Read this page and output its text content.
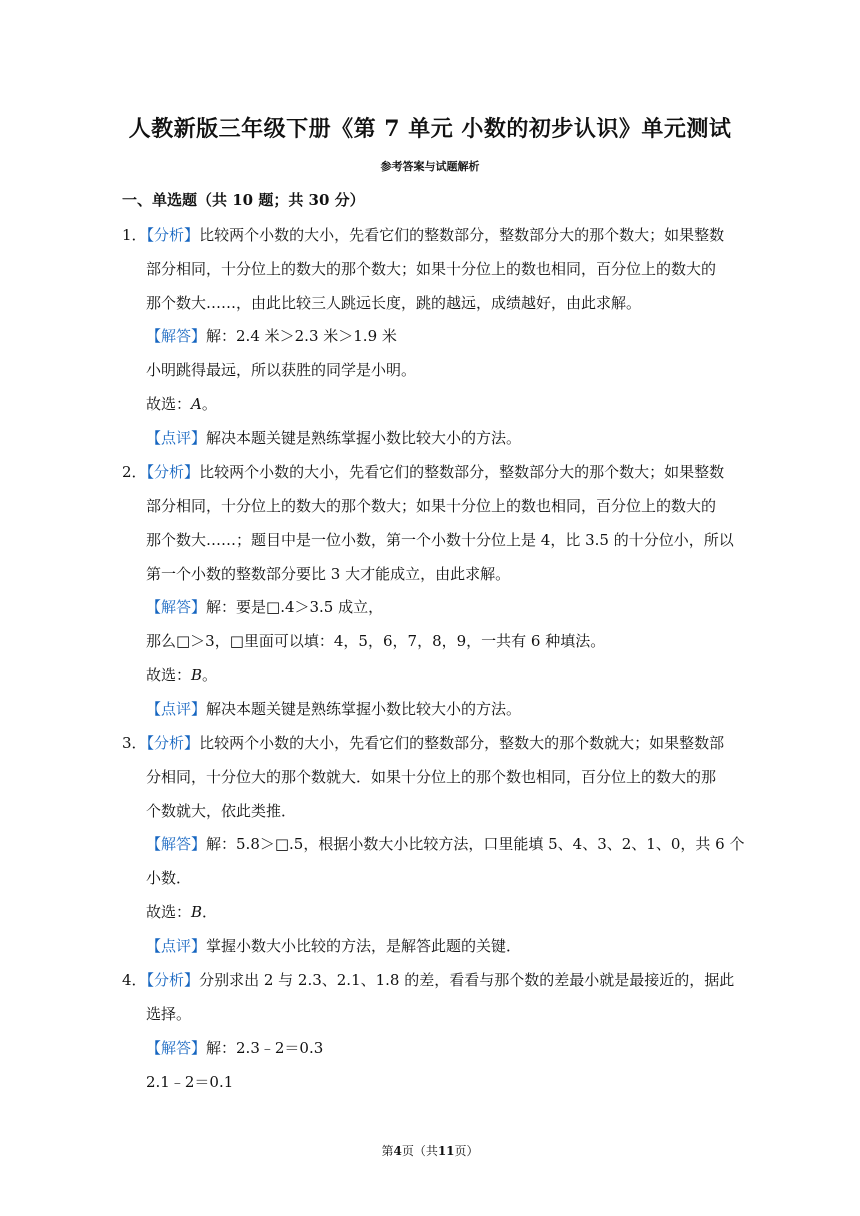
人教新版三年级下册《第 7 单元 小数的初步认识》单元测试
参考答案与试题解析
一、单选题（共 10 题；共 30 分）
1．【分析】比较两个小数的大小，先看它们的整数部分，整数部分大的那个数大；如果整数
部分相同，十分位上的数大的那个数大；如果十分位上的数也相同，百分位上的数大的
那个数大……，由此比较三人跳远长度，跳的越远，成绩越好，由此求解。
【解答】解：2.4 米＞2.3 米＞1.9 米
小明跳得最远，所以获胜的同学是小明。
故选：A。
【点评】解决本题关键是熟练掌握小数比较大小的方法。
2．【分析】比较两个小数的大小，先看它们的整数部分，整数部分大的那个数大；如果整数
部分相同，十分位上的数大的那个数大；如果十分位上的数也相同，百分位上的数大的
那个数大……；题目中是一位小数，第一个小数十分位上是 4，比 3.5 的十分位小，所以
第一个小数的整数部分要比 3 大才能成立，由此求解。
【解答】解：要是□.4＞3.5 成立，
那么□＞3，□里面可以填：4，5，6，7，8，9，一共有 6 种填法。
故选：B。
【点评】解决本题关键是熟练掌握小数比较大小的方法。
3．【分析】比较两个小数的大小，先看它们的整数部分，整数大的那个数就大；如果整数部
分相同，十分位大的那个数就大．如果十分位上的那个数也相同，百分位上的数大的那
个数就大，依此类推．
【解答】解：5.8＞□.5，根据小数大小比较方法，口里能填 5、4、3、2、1、0，共 6 个
小数．
故选：B．
【点评】掌握小数大小比较的方法，是解答此题的关键．
4．【分析】分别求出 2 与 2.3、2.1、1.8 的差，看看与那个数的差最小就是最接近的，据此
选择。
【解答】解：2.3﹣2＝0.3
2.1﹣2＝0.1
第4页（共11页）
